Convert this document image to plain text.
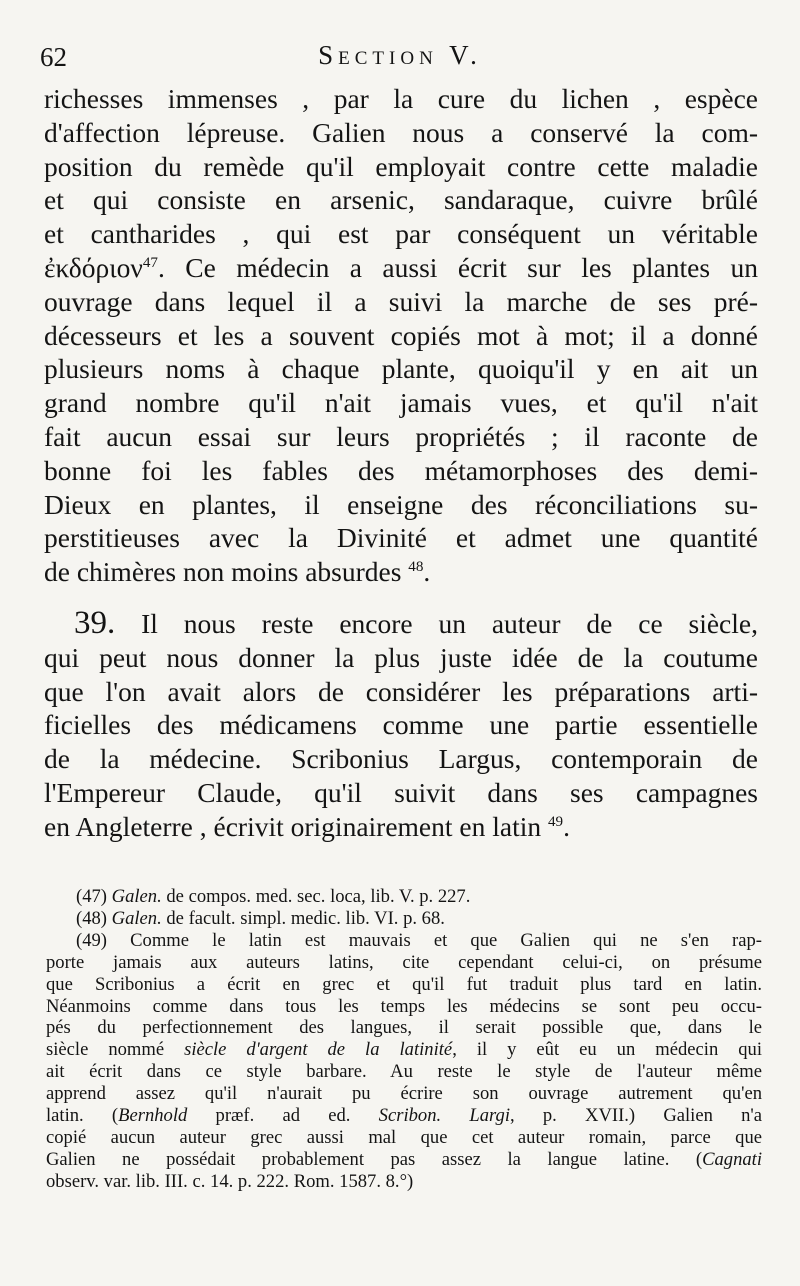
62	Section V.
richesses immenses , par la cure du lichen , espèce
d'affection lépreuse. Galien nous a conservé la com-
position du remède qu'il employait contre cette maladie
et qui consiste en arsenic, sandaraque, cuivre brûlé
et cantharides , qui est par conséquent un véritable
ἐκδόριον$^{47}$. Ce médecin a aussi écrit sur les plantes un
ouvrage dans lequel il a suivi la marche de ses pré-
décesseurs et les a souvent copiés mot à mot; il a donné
plusieurs noms à chaque plante, quoiqu'il y en ait un
grand nombre qu'il n'ait jamais vues, et qu'il n'ait
fait aucun essai sur leurs propriétés ; il raconte de
bonne foi les fables des métamorphoses des demi-
Dieux en plantes, il enseigne des réconciliations su-
perstitieuses avec la Divinité et admet une quantité
de chimères non moins absurdes $^{48}$.
39. Il nous reste encore un auteur de ce siècle,
qui peut nous donner la plus juste idée de la coutume
que l'on avait alors de considérer les préparations arti-
ficielles des médicamens comme une partie essentielle
de la médecine. Scribonius Largus, contemporain de
l'Empereur Claude, qu'il suivit dans ses campagnes
en Angleterre , écrivit originairement en latin $^{49}$.
(47) Galen. de compos. med. sec. loca, lib. V. p. 227.
(48) Galen. de facult. simpl. medic. lib. VI. p. 68.
(49) Comme le latin est mauvais et que Galien qui ne s'en rap-
porte jamais aux auteurs latins, cite cependant celui-ci, on présume
que Scribonius a écrit en grec et qu'il fut traduit plus tard en latin.
Néanmoins comme dans tous les temps les médecins se sont peu occu-
pés du perfectionnement des langues, il serait possible que, dans le
siècle nommé siècle d'argent de la latinité, il y eût eu un médecin qui
ait écrit dans ce style barbare. Au reste le style de l'auteur même
apprend assez qu'il n'aurait pu écrire son ouvrage autrement qu'en
latin. (Bernhold præf. ad ed. Scribon. Largi, p. XVII.) Galien n'a
copié aucun auteur grec aussi mal que cet auteur romain, parce que
Galien ne possédait probablement pas assez la langue latine. (Cagnati
observ. var. lib. III. c. 14. p. 222. Rom. 1587. 8.°)
